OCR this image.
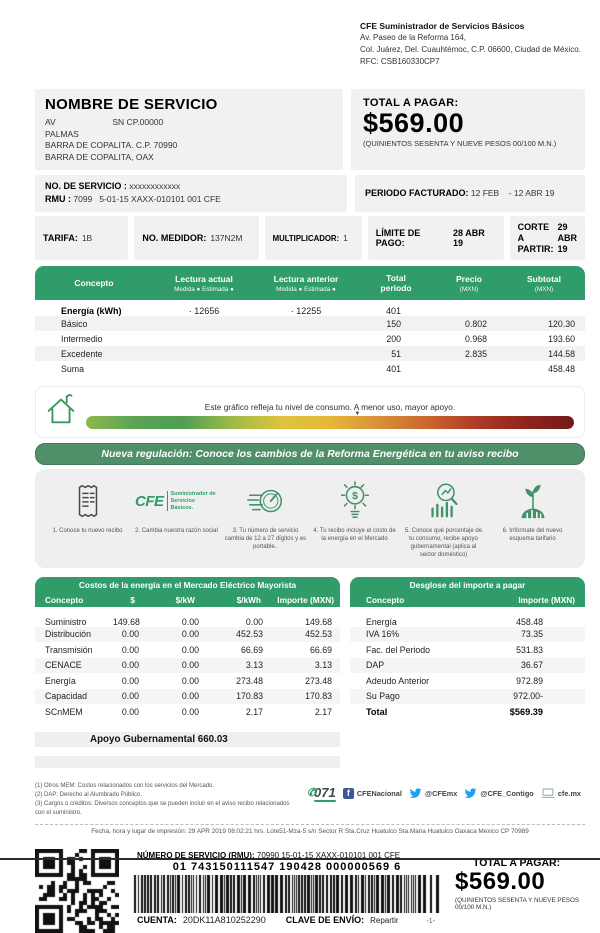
CFE Suministrador de Servicios Básicos
Av. Paseo de la Reforma 164,
Col. Juárez, Del. Cuauhtémoc, C.P. 06600, Ciudad de México.
RFC: CSB160330CP7
NOMBRE DE SERVICIO
AV                        SN CP.00000
PALMAS
BARRA DE COPALITA. C.P. 70990
BARRA DE COPALITA, OAX
TOTAL A PAGAR:
$569.00
(QUINIENTOS SESENTA Y NUEVE PESOS 00/100 M.N.)
NO. DE SERVICIO : xxxxxxxxxxxx
RMU : 7099   5-01-15 XAXX-010101 001 CFE
PERIODO FACTURADO:
12 FEB    - 12 ABR 19
TARIFA: 1B	NO. MEDIDOR: 137N2M	MULTIPLICADOR: 1	LÍMITE DE PAGO:
28 ABR 19
CORTE A PARTIR:
29 ABR 19
Concepto	Lectura actual
Medida ● Estimada ●

Lectura anterior
Medida ● Estimada ●

Total periodo

Precio
(MXN)

Subtotal
(MXN)

Energía (kWh)	· 12656	· 12255	401		
Básico			150	0.802	120.30
Intermedio			200	0.968	193.60
Excedente			51	2.835	144.58
Suma			401		458.48
Este gráfico refleja tu nivel de consumo. A menor uso, mayor apoyo.
▼
Nueva regulación: Conoce los cambios de la Reforma Energética en tu aviso recibo
1. Conoce tu nuevo recibo
CFE Suministrador de
Servicios Básicos.
2. Cambia nuestra razón social	3. Tu número de servicio cambia de 12 a 27 dígitos y es portable..
$
4. Tu recibo incluye el costo de la energía en el Mercado
5. Conoce qué porcentaje de tu consumo, recibe apoyo gubernamental (aplica al sector doméstico)
6. Infórmate del nuevo esquema tarifario
Costos de la energía en el Mercado Eléctrico Mayorista				
Concepto	$	$/kW	$/kWh	Importe (MXN)
Suministro	149.68	0.00	0.00	149.68
Distribución	0.00	0.00	452.53	452.53
Transmisión	0.00	0.00	66.69	66.69
CENACE	0.00	0.00	3.13	3.13
Energía	0.00	0.00	273.48	273.48
Capacidad	0.00	0.00	170.83	170.83
SCnMEM	0.00	0.00	2.17	2.17
Apoyo Gubernamental 660.03
Desglose del importe a pagar	
Concepto	Importe (MXN)
Energía	458.48
IVA 16%	73.35
Fac. del Periodo	531.83
DAP	36.67
Adeudo Anterior	972.89
Su Pago	972.00-
Total	$569.39
(1) Otros MEM: Costos relacionados con los servicios del Mercado.
(2) DAP: Derecho al Alumbrado Público.
(3) Cargos o créditos: Diversos conceptos que se pueden incluir en el aviso recibo relacionados con el suministro.
✆
071	f CFENacional	@CFEmx	@CFE_Contigo	cfe.mx
Fecha, hora y lugar de impresión: 29 APR 2019 08:02:21 hrs. Lote51-Mza-5 s/n Sector R Sta.Cruz Huatulco Sta.Maria Huatulco Oaxaca Mexico CP 70989
NÚMERO DE SERVICIO (RMU): 70990 15-01-15 XAXX-010101 001 CFE
01 743150111547 190428 000000569 6
CUENTA: 20DK11A810252290 CLAVE DE ENVÍO: Repartir	-1-
TOTAL A PAGAR:
$569.00
(QUINIENTOS SESENTA Y NUEVE PESOS 00/100 M.N.)
